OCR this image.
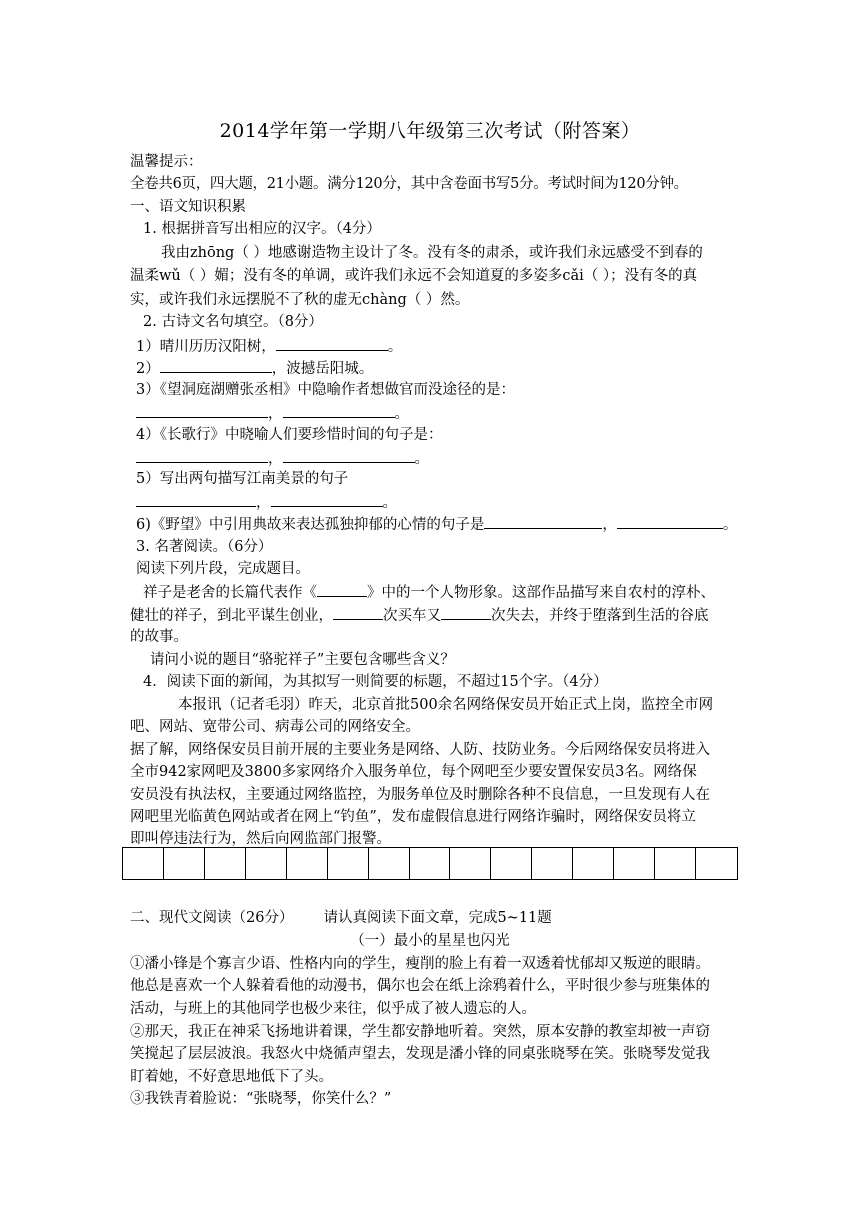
2014学年第一学期八年级第三次考试（附答案）
温馨提示：
全卷共6页，四大题，21小题。满分120分，其中含卷面书写5分。考试时间为120分钟。
一、语文知识积累
1. 根据拼音写出相应的汉字。（4分）
我由zhōng（ ）地感谢造物主设计了冬。没有冬的肃杀，或许我们永远感受不到春的
温柔wǔ（ ）媚；没有冬的单调，或许我们永远不会知道夏的多姿多cǎi（ ）；没有冬的真
实，或许我们永远摆脱不了秋的虚无chàng（ ）然。
2. 古诗文名句填空。（8分）
1）晴川历历汉阳树，	。
2）	，波撼岳阳城。
3）《望洞庭湖赠张丞相》中隐喻作者想做官而没途径的是：
，	。
4）《长歌行》中晓喻人们要珍惜时间的句子是：
，	。
5）写出两句描写江南美景的句子
，	。
6)《野望》中引用典故来表达孤独抑郁的心情的句子是	，	。
3. 名著阅读。（6分）
阅读下列片段，完成题目。
祥子是老舍的长篇代表作《	》中的一个人物形象。这部作品描写来自农村的淳朴、
健壮的祥子，到北平谋生创业，	次买车又	次失去，并终于堕落到生活的谷底
的故事。
请问小说的题目“骆驼祥子”主要包含哪些含义？
4．阅读下面的新闻，为其拟写一则简要的标题，不超过15个字。（4分）
本报讯（记者毛羽）昨天，北京首批500余名网络保安员开始正式上岗，监控全市网
吧、网站、宽带公司、病毒公司的网络安全。
据了解，网络保安员目前开展的主要业务是网络、人防、技防业务。今后网络保安员将进入
全市942家网吧及3800多家网络介入服务单位，每个网吧至少要安置保安员3名。网络保
安员没有执法权，主要通过网络监控，为服务单位及时删除各种不良信息，一旦发现有人在
网吧里光临黄色网站或者在网上“钓鱼”，发布虚假信息进行网络诈骗时，网络保安员将立
即叫停违法行为，然后向网监部门报警。
二、现代文阅读（26分） 请认真阅读下面文章，完成5~11题
（一）最小的星星也闪光
①潘小锋是个寡言少语、性格内向的学生，瘦削的脸上有着一双透着忧郁却又叛逆的眼睛。
他总是喜欢一个人躲着看他的动漫书，偶尔也会在纸上涂鸦着什么，平时很少参与班集体的
活动，与班上的其他同学也极少来往，似乎成了被人遗忘的人。
②那天，我正在神采飞扬地讲着课，学生都安静地听着。突然，原本安静的教室却被一声窃
笑搅起了层层波浪。我怒火中烧循声望去，发现是潘小锋的同桌张晓琴在笑。张晓琴发觉我
盯着她，不好意思地低下了头。
③我铁青着脸说：“张晓琴，你笑什么？”
